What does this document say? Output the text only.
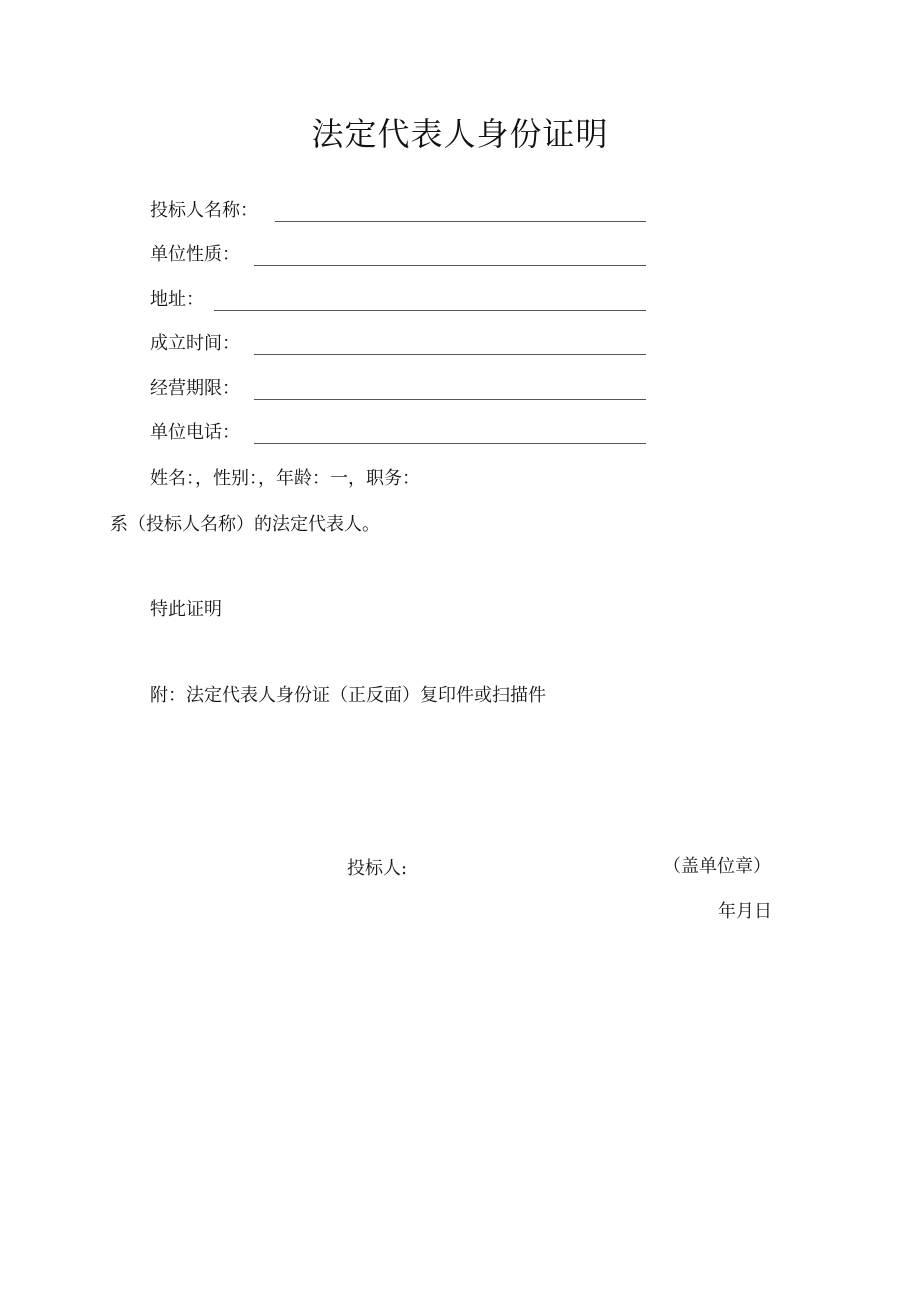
法定代表人身份证明
投标人名称：
单位性质：
地址：
成立时间：
经营期限：
单位电话：
姓名：，性别：，年龄：一，职务：
系（投标人名称）的法定代表人。
特此证明
附：法定代表人身份证（正反面）复印件或扫描件
投标人:	（盖单位章）
年月日
